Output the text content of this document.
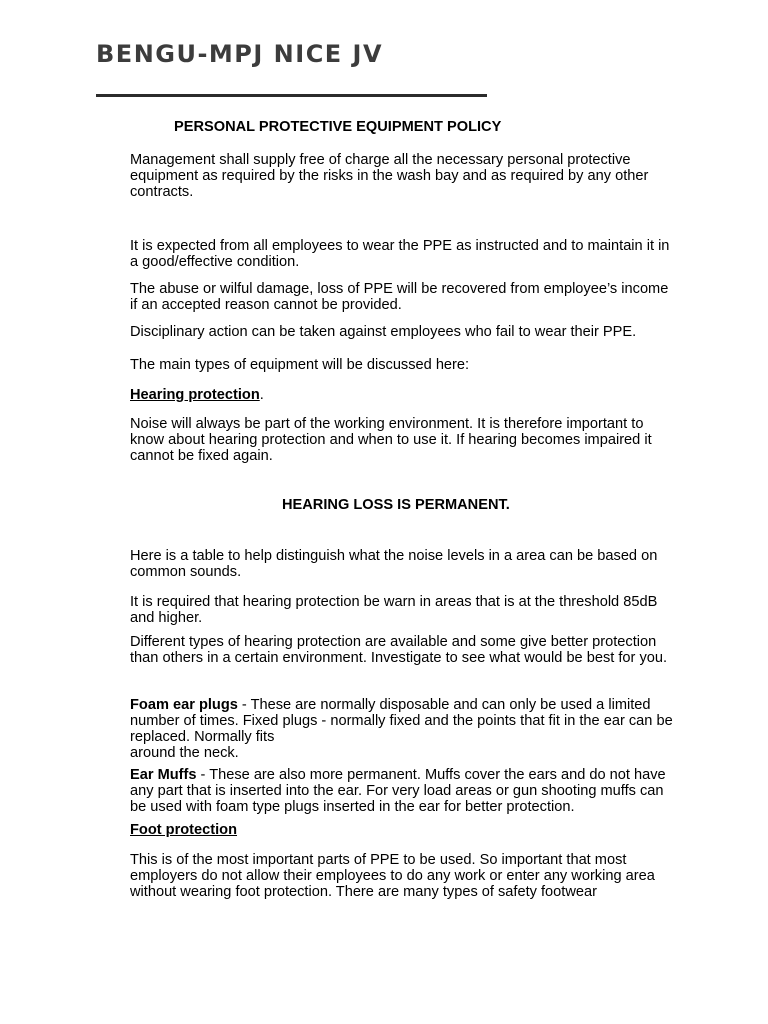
BENGU-MPJ NICE JV
PERSONAL PROTECTIVE EQUIPMENT POLICY

Management shall supply free of charge all the necessary personal protective equipment as required by the risks in the wash bay and as required by any other contracts.

It is expected from all employees to wear the PPE as instructed and to maintain it in a good/effective condition.

The abuse or wilful damage, loss of PPE will be recovered from employee’s income if an accepted reason cannot be provided.

Disciplinary action can be taken against employees who fail to wear their PPE.

The main types of equipment will be discussed here:

Hearing protection.

Noise will always be part of the working environment. It is therefore important to know about hearing protection and when to use it. If hearing becomes impaired it cannot be fixed again.

HEARING LOSS IS PERMANENT.

Here is a table to help distinguish what the noise levels in a area can be based on common sounds.

It is required that hearing protection be warn in areas that is at the threshold 85dB and higher.

Different types of hearing protection are available and some give better protection than others in a certain environment. Investigate to see what would be best for you.

Foam ear plugs - These are normally disposable and can only be used a limited number of times. Fixed plugs - normally fixed and the points that fit in the ear can be replaced. Normally fits
around the neck.

Ear Muffs - These are also more permanent. Muffs cover the ears and do not have any part that is inserted into the ear. For very load areas or gun shooting muffs can be used with foam type plugs inserted in the ear for better protection.

Foot protection

This is of the most important parts of PPE to be used. So important that most employers do not allow their employees to do any work or enter any working area without wearing foot protection. There are many types of safety footwear
